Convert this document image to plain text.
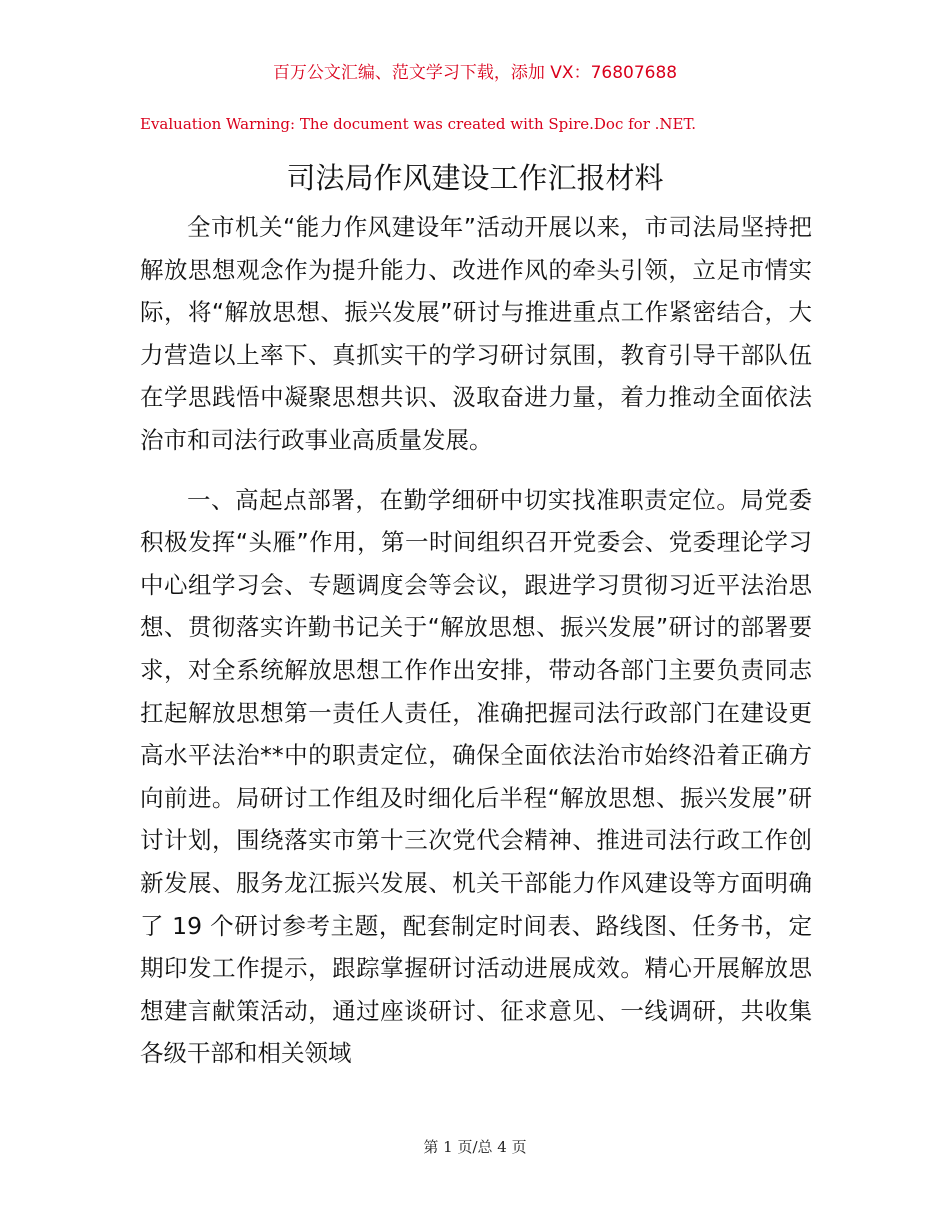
百万公文汇编、范文学习下载，添加 VX：76807688
Evaluation Warning: The document was created with Spire.Doc for .NET.
司法局作风建设工作汇报材料

全市机关“能力作风建设年”活动开展以来，市司法局坚持把解放思想观念作为提升能力、改进作风的牵头引领，立足市情实际，将“解放思想、振兴发展”研讨与推进重点工作紧密结合，大力营造以上率下、真抓实干的学习研讨氛围，教育引导干部队伍在学思践悟中凝聚思想共识、汲取奋进力量，着力推动全面依法治市和司法行政事业高质量发展。

一、高起点部署，在勤学细研中切实找准职责定位。局党委积极发挥“头雁”作用，第一时间组织召开党委会、党委理论学习中心组学习会、专题调度会等会议，跟进学习贯彻习近平法治思想、贯彻落实许勤书记关于“解放思想、振兴发展”研讨的部署要求，对全系统解放思想工作作出安排，带动各部门主要负责同志扛起解放思想第一责任人责任，准确把握司法行政部门在建设更高水平法治**中的职责定位，确保全面依法治市始终沿着正确方向前进。局研讨工作组及时细化后半程“解放思想、振兴发展”研讨计划，围绕落实市第十三次党代会精神、推进司法行政工作创新发展、服务龙江振兴发展、机关干部能力作风建设等方面明确了 19 个研讨参考主题，配套制定时间表、路线图、任务书，定期印发工作提示，跟踪掌握研讨活动进展成效。精心开展解放思想建言献策活动，通过座谈研讨、征求意见、一线调研，共收集各级干部和相关领域

第 1 页/总 4 页
